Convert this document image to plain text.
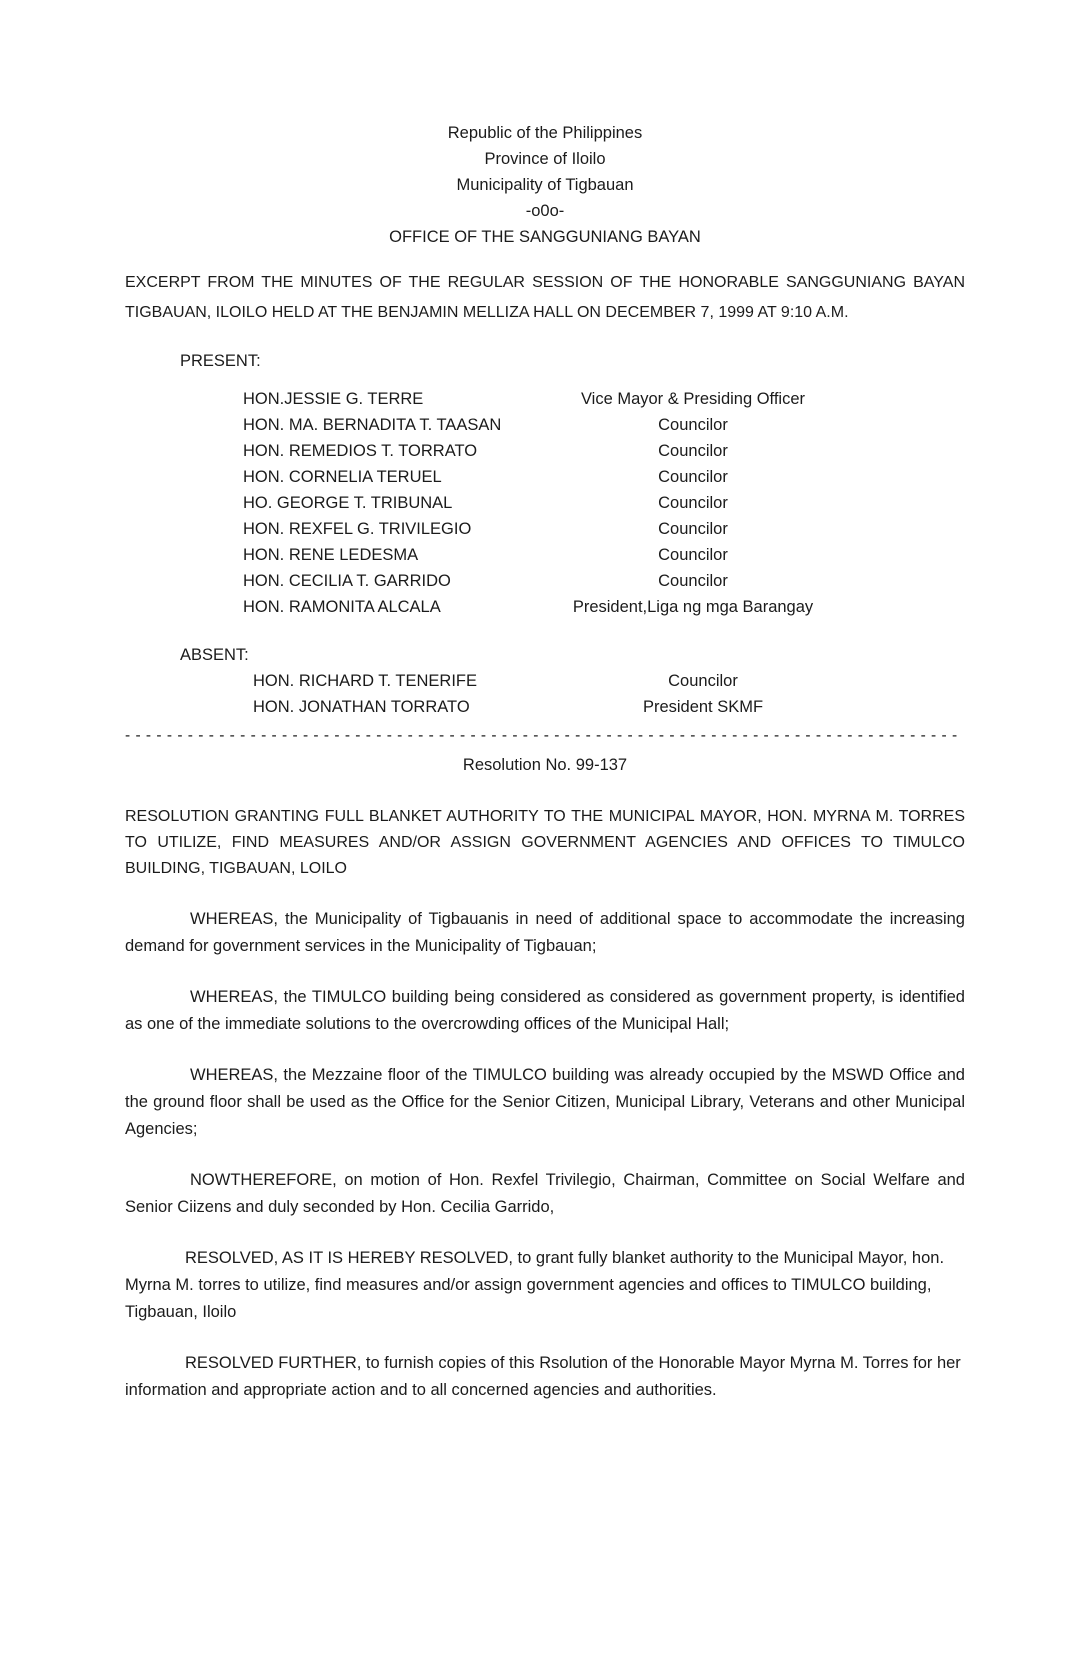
Republic of the Philippines
Province of Iloilo
Municipality of Tigbauan
-o0o-
OFFICE OF THE SANGGUNIANG BAYAN
EXCERPT FROM THE MINUTES OF THE REGULAR SESSION OF THE HONORABLE SANGGUNIANG BAYAN TIGBAUAN, ILOILO HELD AT THE BENJAMIN MELLIZA HALL ON DECEMBER 7, 1999 AT 9:10 A.M.
PRESENT:
HON.JESSIE G. TERRE	Vice Mayor & Presiding Officer
HON. MA. BERNADITA T. TAASAN	Councilor
HON. REMEDIOS T. TORRATO	Councilor
HON. CORNELIA TERUEL	Councilor
HO. GEORGE T. TRIBUNAL	Councilor
HON. REXFEL G. TRIVILEGIO	Councilor
HON. RENE LEDESMA	Councilor
HON. CECILIA T. GARRIDO	Councilor
HON. RAMONITA ALCALA	President,Liga ng mga Barangay
ABSENT:
HON. RICHARD T. TENERIFE	Councilor
HON. JONATHAN TORRATO	President SKMF
- - - - - - - - - - - - - - - - - - - - - - - - - - - - - - - - - - - - - - - - - - - - - - - - - - - - - - - - - - - - - - - - - - - - - - - - - - - - - - - -
Resolution No. 99-137
RESOLUTION GRANTING FULL BLANKET AUTHORITY TO THE MUNICIPAL MAYOR, HON. MYRNA M. TORRES TO UTILIZE, FIND MEASURES AND/OR ASSIGN GOVERNMENT AGENCIES AND OFFICES TO TIMULCO BUILDING, TIGBAUAN, LOILO
WHEREAS, the Municipality of Tigbauanis in need of additional space to accommodate the increasing demand for government services in the Municipality of Tigbauan;
WHEREAS, the TIMULCO building being considered as considered as government property, is identified as one of the immediate solutions to the overcrowding offices of the Municipal Hall;
WHEREAS, the Mezzaine floor of the TIMULCO building was already occupied by the MSWD Office and the ground floor shall be used as the Office for the Senior Citizen, Municipal Library, Veterans and other Municipal Agencies;
NOWTHEREFORE, on motion of Hon. Rexfel Trivilegio, Chairman, Committee on Social Welfare and Senior Ciizens and duly seconded by Hon. Cecilia Garrido,
RESOLVED, AS IT IS HEREBY RESOLVED, to grant fully blanket authority to the Municipal Mayor, hon. Myrna M. torres to utilize, find measures and/or assign government agencies and offices to TIMULCO building, Tigbauan, Iloilo
RESOLVED FURTHER, to furnish copies of this Rsolution of the Honorable Mayor Myrna M. Torres for her information and appropriate action and to all concerned agencies and authorities.
